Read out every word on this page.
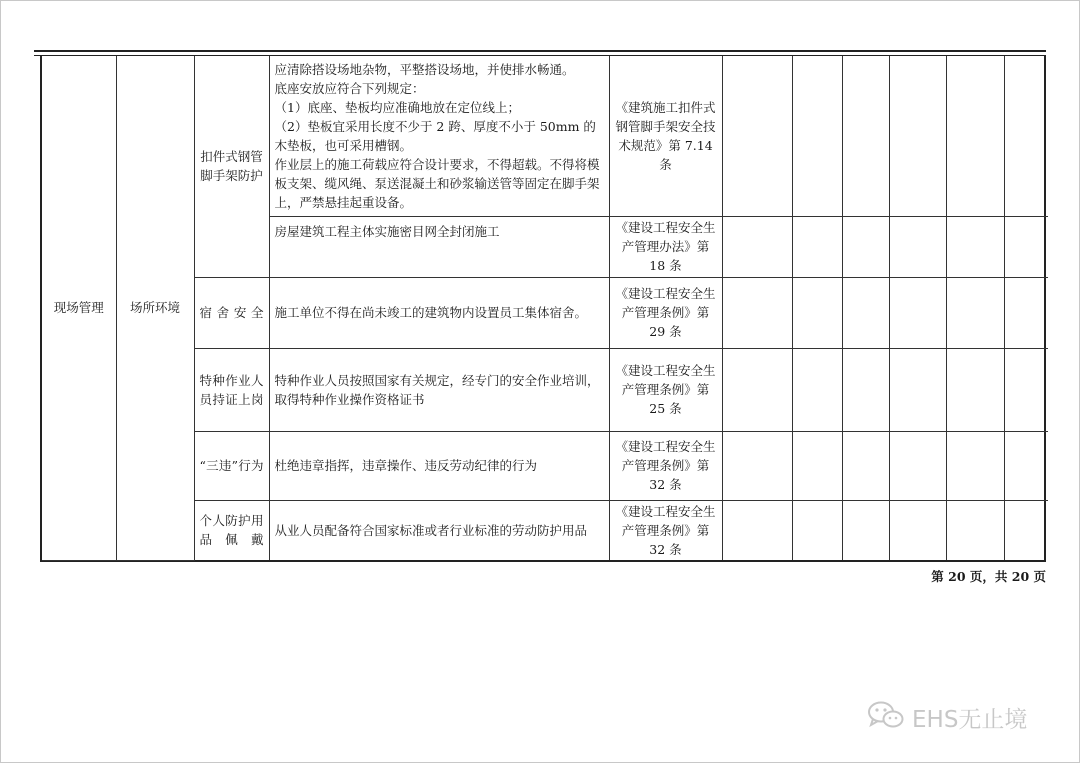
现场管理	场所环境	扣件式钢管脚手架防护	应清除搭设场地杂物，平整搭设场地，并使排水畅通。
底座安放应符合下列规定：
（1）底座、垫板均应准确地放在定位线上；
（2）垫板宜采用长度不少于 2 跨、厚度不小于 50mm 的木垫板，也可采用槽钢。
作业层上的施工荷载应符合设计要求，不得超载。不得将模板支架、缆风绳、泵送混凝土和砂浆输送管等固定在脚手架上，严禁悬挂起重设备。	《建筑施工扣件式钢管脚手架安全技术规范》第 7.14 条						

			房屋建筑工程主体实施密目网全封闭施工	《建设工程安全生产管理办法》第 18 条						
		宿舍安全	施工单位不得在尚未竣工的建筑物内设置员工集体宿舍。	《建设工程安全生产管理条例》第 29 条						
		特种作业人员持证上岗	特种作业人员按照国家有关规定，经专门的安全作业培训，取得特种作业操作资格证书	《建设工程安全生产管理条例》第 25 条						
		“三违”行为	杜绝违章指挥，违章操作、违反劳动纪律的行为	《建设工程安全生产管理条例》第 32 条						
		个人防护用品佩戴	从业人员配备符合国家标准或者行业标准的劳动防护用品	《建设工程安全生产管理条例》第 32 条						
第 20 页，共 20 页
EHS无止境
